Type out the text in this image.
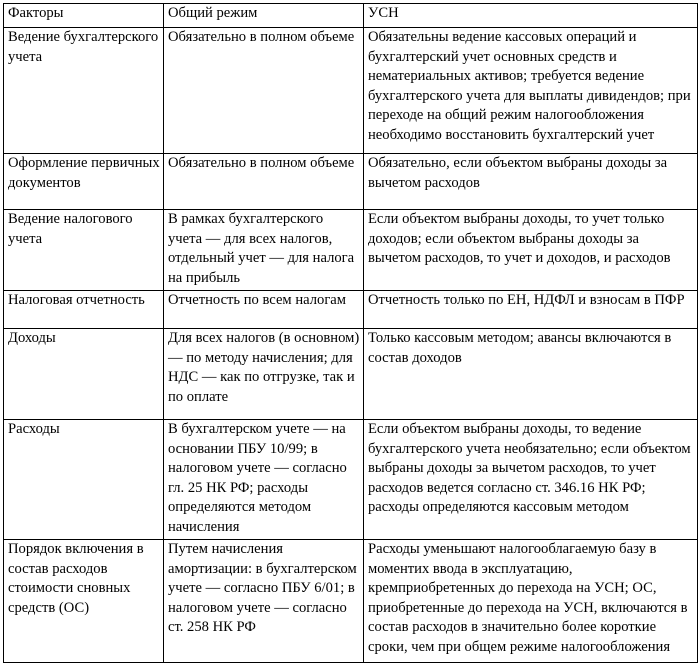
Факторы	Общий режим	УСН
Ведение бухгалтерского учета	Обязательно в полном объеме	Обязательны ведение кассовых операций и бухгалтерский учет основных средств и нематериальных активов; требуется ведение бухгалтерского учета для выплаты дивидендов; при переходе на общий режим налогообложения необходимо восстановить бухгалтерский учет
Оформление первичных документов	Обязательно в полном объеме	Обязательно, если объектом выбраны доходы за вычетом расходов
Ведение налогового учета	В рамках бухгалтерского учета — для всех налогов, отдельный учет — для налога на прибыль	Если объектом выбраны доходы, то учет только доходов; если объектом выбраны доходы за вычетом расходов, то учет и доходов, и расходов
Налоговая отчетность	Отчетность по всем налогам	Отчетность только по ЕН, НДФЛ и взносам в ПФР
Доходы	Для всех налогов (в основном) — по методу начисления; для НДС — как по отгрузке, так и по оплате	Только кассовым методом; авансы включаются в состав доходов
Расходы	В бухгалтерском учете — на основании ПБУ 10/99; в налоговом учете — согласно гл. 25 НК РФ; расходы определяются методом начисления	Если объектом выбраны доходы, то ведение бухгалтерского учета необязательно; если объектом выбраны доходы за вычетом расходов, то учет расходов ведется согласно ст. 346.16 НК РФ; расходы определяются кассовым методом
Порядок включения в состав расходов стоимости сновных средств (ОС)	Путем начисления амортизации: в бухгалтерском учете — согласно ПБУ 6/01; в налоговом учете — согласно ст. 258 НК РФ	Расходы уменьшают налогооблагаемую базу в моментих ввода в эксплуатацию, кремприобретенных до перехода на УСН; ОС, приобретенные до перехода на УСН, включаются в состав расходов в значительно более короткие сроки, чем при общем режиме налогообложения
